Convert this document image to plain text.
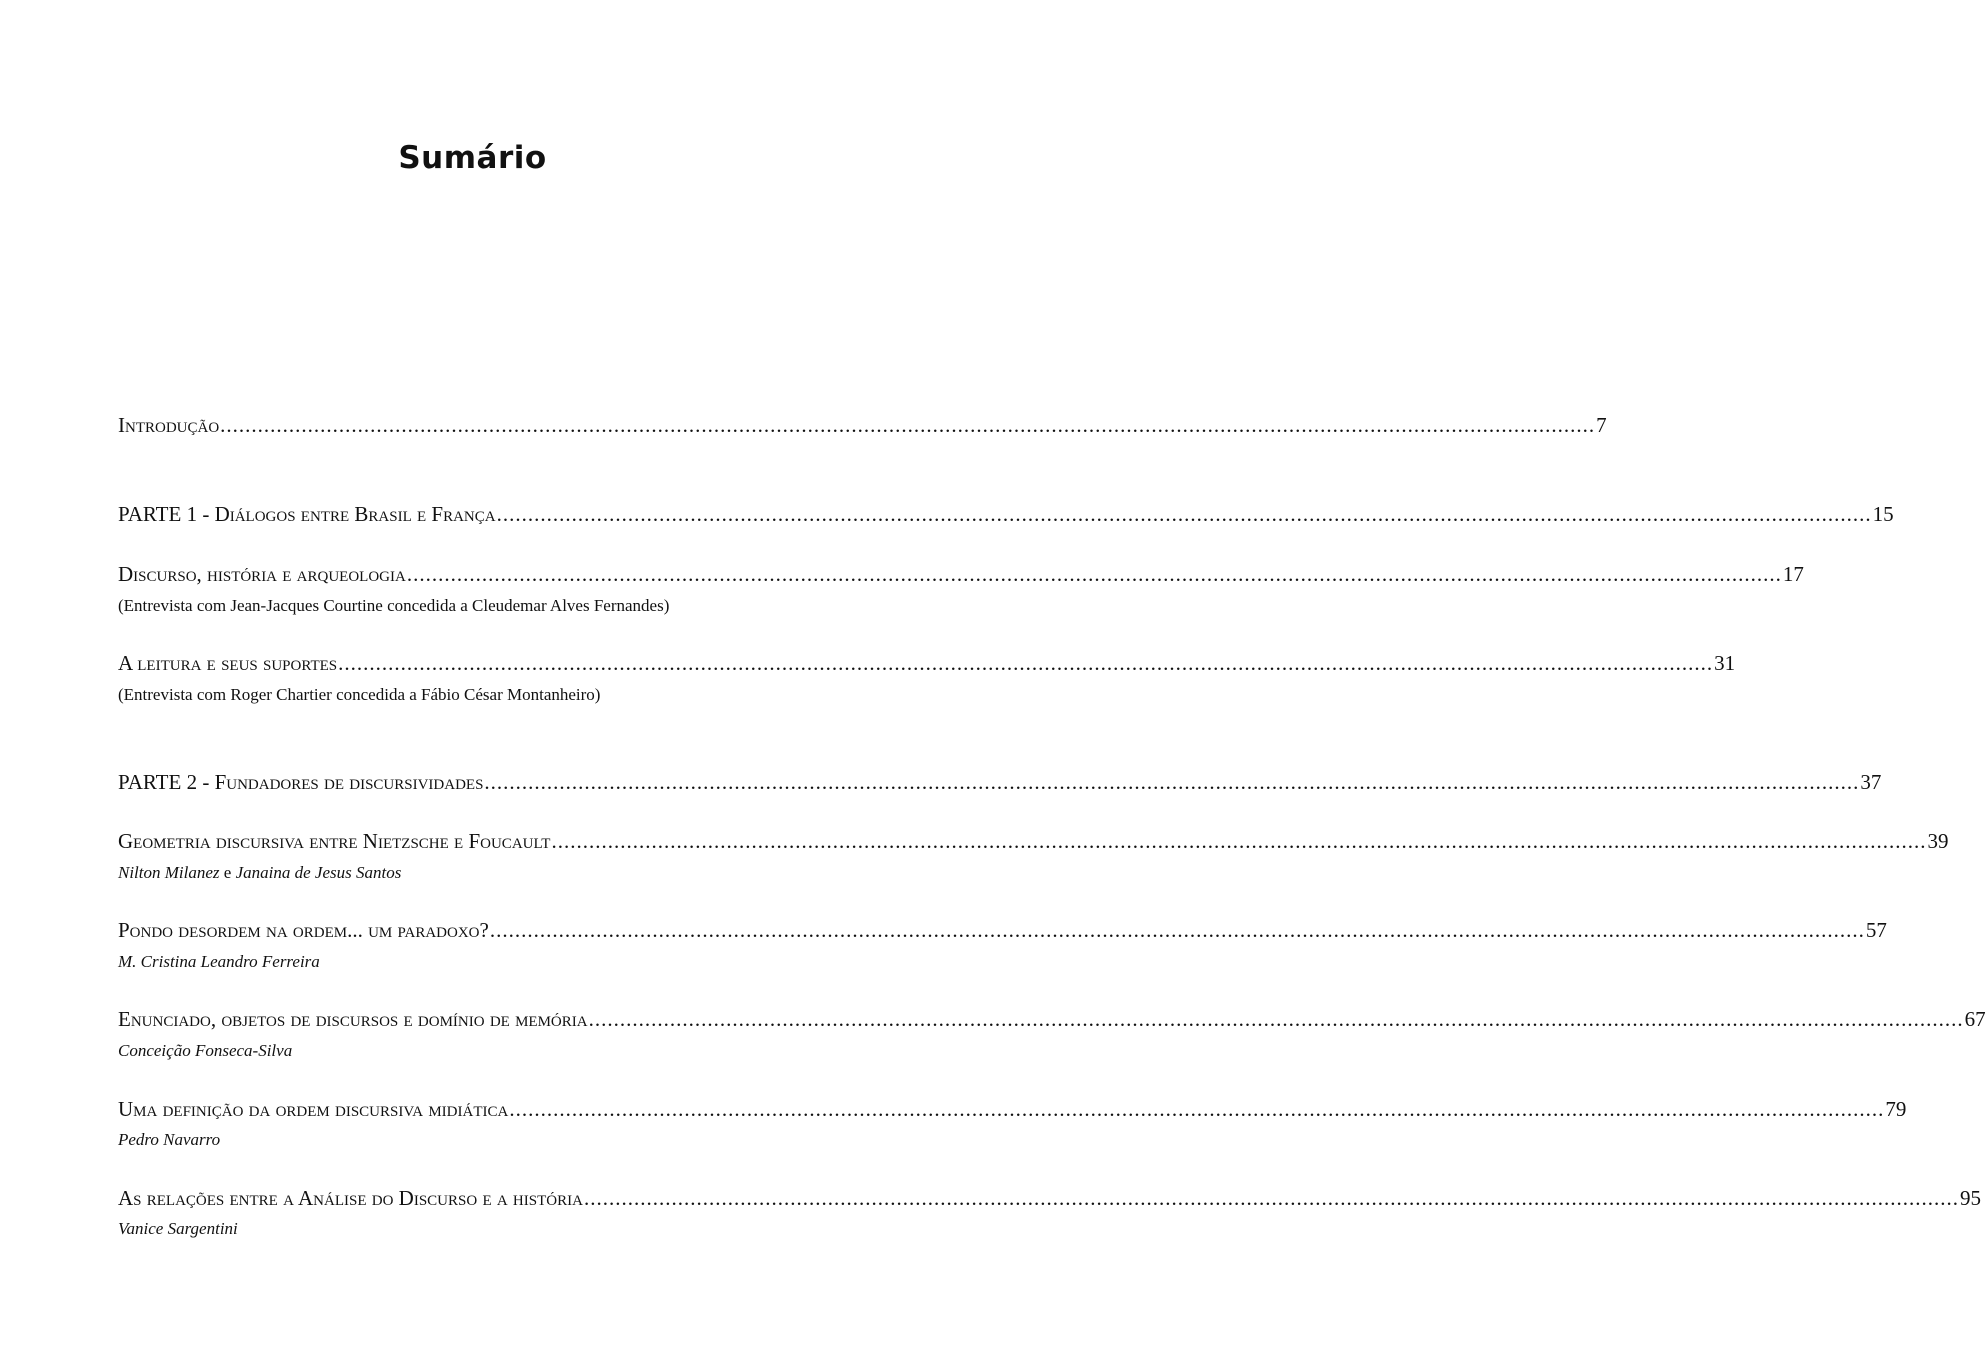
Sumário
Introdução ............................................................................................................................................................................................................................ 7
PARTE 1 - Diálogos entre Brasil e França ............................................................................................................................................................................................................................ 15
Discurso, história e arqueologia ............................................................................................................................................................................................................................ 17
(Entrevista com Jean-Jacques Courtine concedida a Cleudemar Alves Fernandes)
A leitura e seus suportes ............................................................................................................................................................................................................................ 31
(Entrevista com Roger Chartier concedida a Fábio César Montanheiro)
PARTE 2 - Fundadores de discursividades ............................................................................................................................................................................................................................ 37
Geometria discursiva entre Nietzsche e Foucault ............................................................................................................................................................................................................................ 39
Nilton Milanez e Janaina de Jesus Santos
Pondo desordem na ordem... um paradoxo? ............................................................................................................................................................................................................................ 57
M. Cristina Leandro Ferreira
Enunciado, objetos de discursos e domínio de memória ............................................................................................................................................................................................................................ 67
Conceição Fonseca-Silva
Uma definição da ordem discursiva midiática ............................................................................................................................................................................................................................ 79
Pedro Navarro
As relações entre a Análise do Discurso e a história ............................................................................................................................................................................................................................ 95
Vanice Sargentini
